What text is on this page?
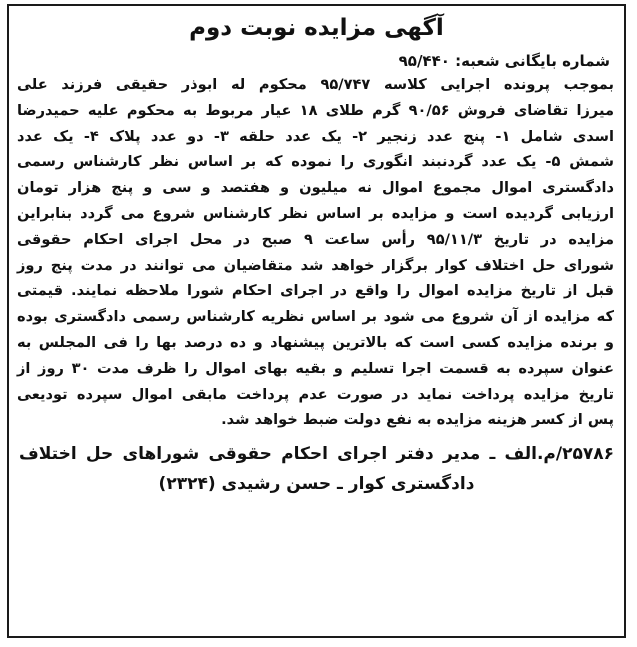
آگهی مزایده نوبت دوم
شماره بایگانی شعبه: ۹۵/۴۴۰
بموجب پرونده اجرایی کلاسه ۹۵/۷۴۷ محکوم له ابوذر حقیقی فرزند علی
میرزا تقاضای فروش ۹۰/۵۶ گرم طلای ۱۸ عیار مربوط به محکوم علیه حمیدرضا
اسدی شامل ۱- پنج عدد زنجیر ۲- یک عدد حلقه ۳- دو عدد پلاک ۴- یک عدد
شمش ۵- یک عدد گردنبند انگوری را نموده که بر اساس نظر کارشناس رسمی
دادگستری اموال مجموع اموال نه میلیون و هفتصد و سی و پنج هزار تومان
ارزیابی گردیده است و مزایده بر اساس نظر کارشناس شروع می گردد بنابراین
مزایده در تاریخ ۹۵/۱۱/۳ رأس ساعت ۹ صبح در محل اجرای احکام حقوقی
شورای حل اختلاف کوار برگزار خواهد شد متقاضیان می توانند در مدت پنج روز
قبل از تاریخ مزایده اموال را واقع در اجرای احکام شورا ملاحظه نمایند. قیمتی
که مزایده از آن شروع می شود بر اساس نظریه کارشناس رسمی دادگستری بوده
و برنده مزایده کسی است که بالاترین پیشنهاد و ده درصد بها را فی المجلس به
عنوان سپرده به قسمت اجرا تسلیم و بقیه بهای اموال را ظرف مدت ۳۰ روز از
تاریخ مزایده پرداخت نماید در صورت عدم پرداخت مابقی اموال سپرده تودیعی
پس از کسر هزینه مزایده به نفع دولت ضبط خواهد شد.
۲۵۷۸۶/م.الف ـ مدیر دفتر اجرای احکام حقوقی شوراهای حل اختلاف
دادگستری کوار ـ حسن رشیدی (۲۳۲۴)
